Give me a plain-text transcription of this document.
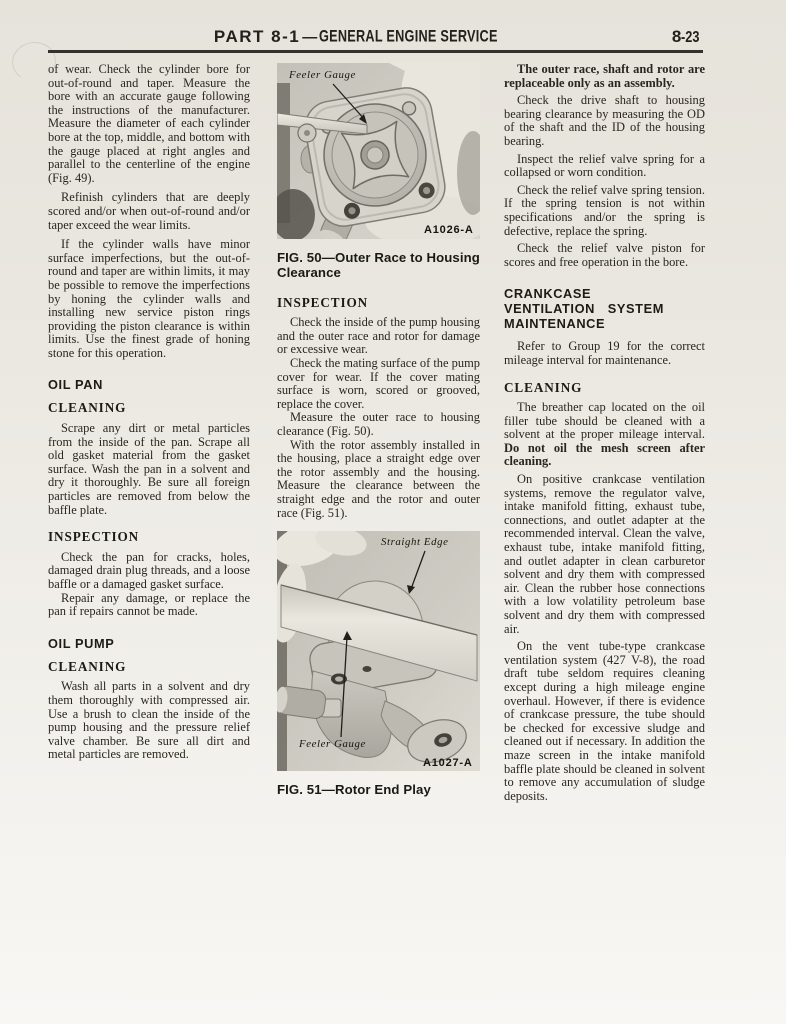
PART 8-1 — GENERAL ENGINE SERVICE	8-23

of wear. Check the cylinder bore for out-of-round and taper. Measure the bore with an accurate gauge following the instructions of the manufacturer. Measure the diameter of each cylinder bore at the top, middle, and bottom with the gauge placed at right angles and parallel to the centerline of the engine (Fig. 49).

Refinish cylinders that are deeply scored and/or when out-of-round and/or taper exceed the wear limits.

If the cylinder walls have minor surface imperfections, but the out-of-round and taper are within limits, it may be possible to remove the imperfections by honing the cylinder walls and installing new service piston rings providing the piston clearance is within limits. Use the finest grade of honing stone for this operation.

OIL PAN
CLEANING

Scrape any dirt or metal particles from the inside of the pan. Scrape all old gasket material from the gasket surface. Wash the pan in a solvent and dry it thoroughly. Be sure all foreign particles are removed from below the baffle plate.

INSPECTION

Check the pan for cracks, holes, damaged drain plug threads, and a loose baffle or a damaged gasket surface.

Repair any damage, or replace the pan if repairs cannot be made.

OIL PUMP
CLEANING

Wash all parts in a solvent and dry them thoroughly with compressed air. Use a brush to clean the inside of the pump housing and the pressure relief valve chamber. Be sure all dirt and metal particles are removed.

Feeler Gauge
A1026-A
FIG. 50—Outer Race to Housing Clearance
INSPECTION

Check the inside of the pump housing and the outer race and rotor for damage or excessive wear.

Check the mating surface of the pump cover for wear. If the cover mating surface is worn, scored or grooved, replace the cover.

Measure the outer race to housing clearance (Fig. 50).

With the rotor assembly installed in the housing, place a straight edge over the rotor assembly and the housing. Measure the clearance between the straight edge and the rotor and outer race (Fig. 51).

Straight Edge
Feeler Gauge
A1027-A
FIG. 51—Rotor End Play

The outer race, shaft and rotor are replaceable only as an assembly.

Check the drive shaft to housing bearing clearance by measuring the OD of the shaft and the ID of the housing bearing.

Inspect the relief valve spring for a collapsed or worn condition.

Check the relief valve spring tension. If the spring tension is not within specifications and/or the spring is defective, replace the spring.

Check the relief valve piston for scores and free operation in the bore.

CRANKCASE VENTILATION SYSTEM MAINTENANCE

Refer to Group 19 for the correct mileage interval for maintenance.

CLEANING

The breather cap located on the oil filler tube should be cleaned with a solvent at the proper mileage interval. Do not oil the mesh screen after cleaning.

On positive crankcase ventilation systems, remove the regulator valve, intake manifold fitting, exhaust tube, connections, and outlet adapter at the recommended interval. Clean the valve, exhaust tube, intake manifold fitting, and outlet adapter in clean carburetor solvent and dry them with compressed air. Clean the rubber hose connections with a low volatility petroleum base solvent and dry them with compressed air.

On the vent tube-type crankcase ventilation system (427 V-8), the road draft tube seldom requires cleaning except during a high mileage engine overhaul. However, if there is evidence of crankcase pressure, the tube should be checked for excessive sludge and cleaned out if necessary. In addition the maze screen in the intake manifold baffle plate should be cleaned in solvent to remove any accumulation of sludge deposits.
